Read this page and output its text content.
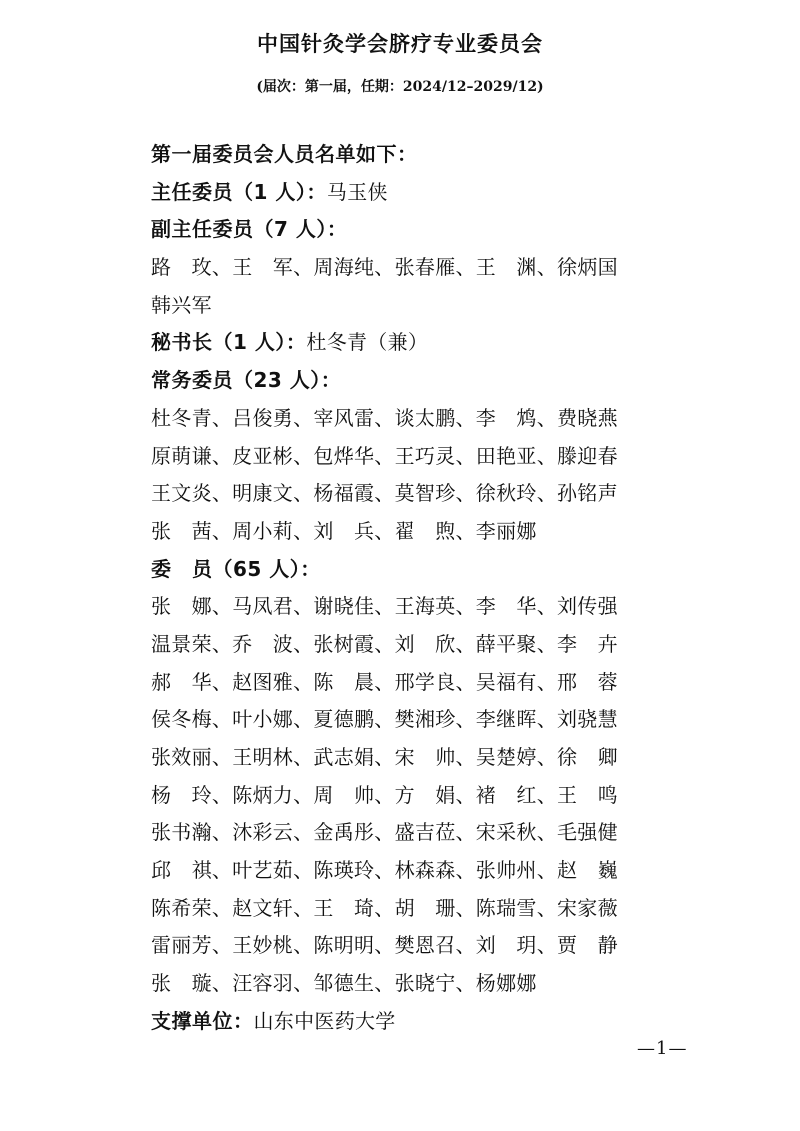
中国针灸学会脐疗专业委员会
(届次：第一届，任期：2024/12–2029/12)
第一届委员会人员名单如下：
主任委员（1 人）：马玉侠
副主任委员（7 人）：
路　玫、王　军、周海纯、张春雁、王　渊、徐炳国
韩兴军
秘书长（1 人）：杜冬青（兼）
常务委员（23 人）：
杜冬青、吕俊勇、宰风雷、谈太鹏、李　鸩、费晓燕
原萌谦、皮亚彬、包烨华、王巧灵、田艳亚、滕迎春
王文炎、明康文、杨福霞、莫智珍、徐秋玲、孙铭声
张　茜、周小莉、刘　兵、翟　煦、李丽娜
委　员（65 人）：
张　娜、马凤君、谢晓佳、王海英、李　华、刘传强
温景荣、乔　波、张树霞、刘　欣、薛平聚、李　卉
郝　华、赵图雅、陈　晨、邢学良、吴福有、邢　蓉
侯冬梅、叶小娜、夏德鹏、樊湘珍、李继晖、刘骁慧
张效丽、王明林、武志娟、宋　帅、吴楚婷、徐　卿
杨　玲、陈炳力、周　帅、方　娟、褚　红、王　鸣
张书瀚、沐彩云、金禹彤、盛吉莅、宋采秋、毛强健
邱　祺、叶艺茹、陈瑛玲、林森森、张帅州、赵　巍
陈希荣、赵文轩、王　琦、胡　珊、陈瑞雪、宋家薇
雷丽芳、王妙桃、陈明明、樊恩召、刘　玥、贾　静
张　璇、汪容羽、邹德生、张晓宁、杨娜娜
支撑单位：山东中医药大学
—1—
